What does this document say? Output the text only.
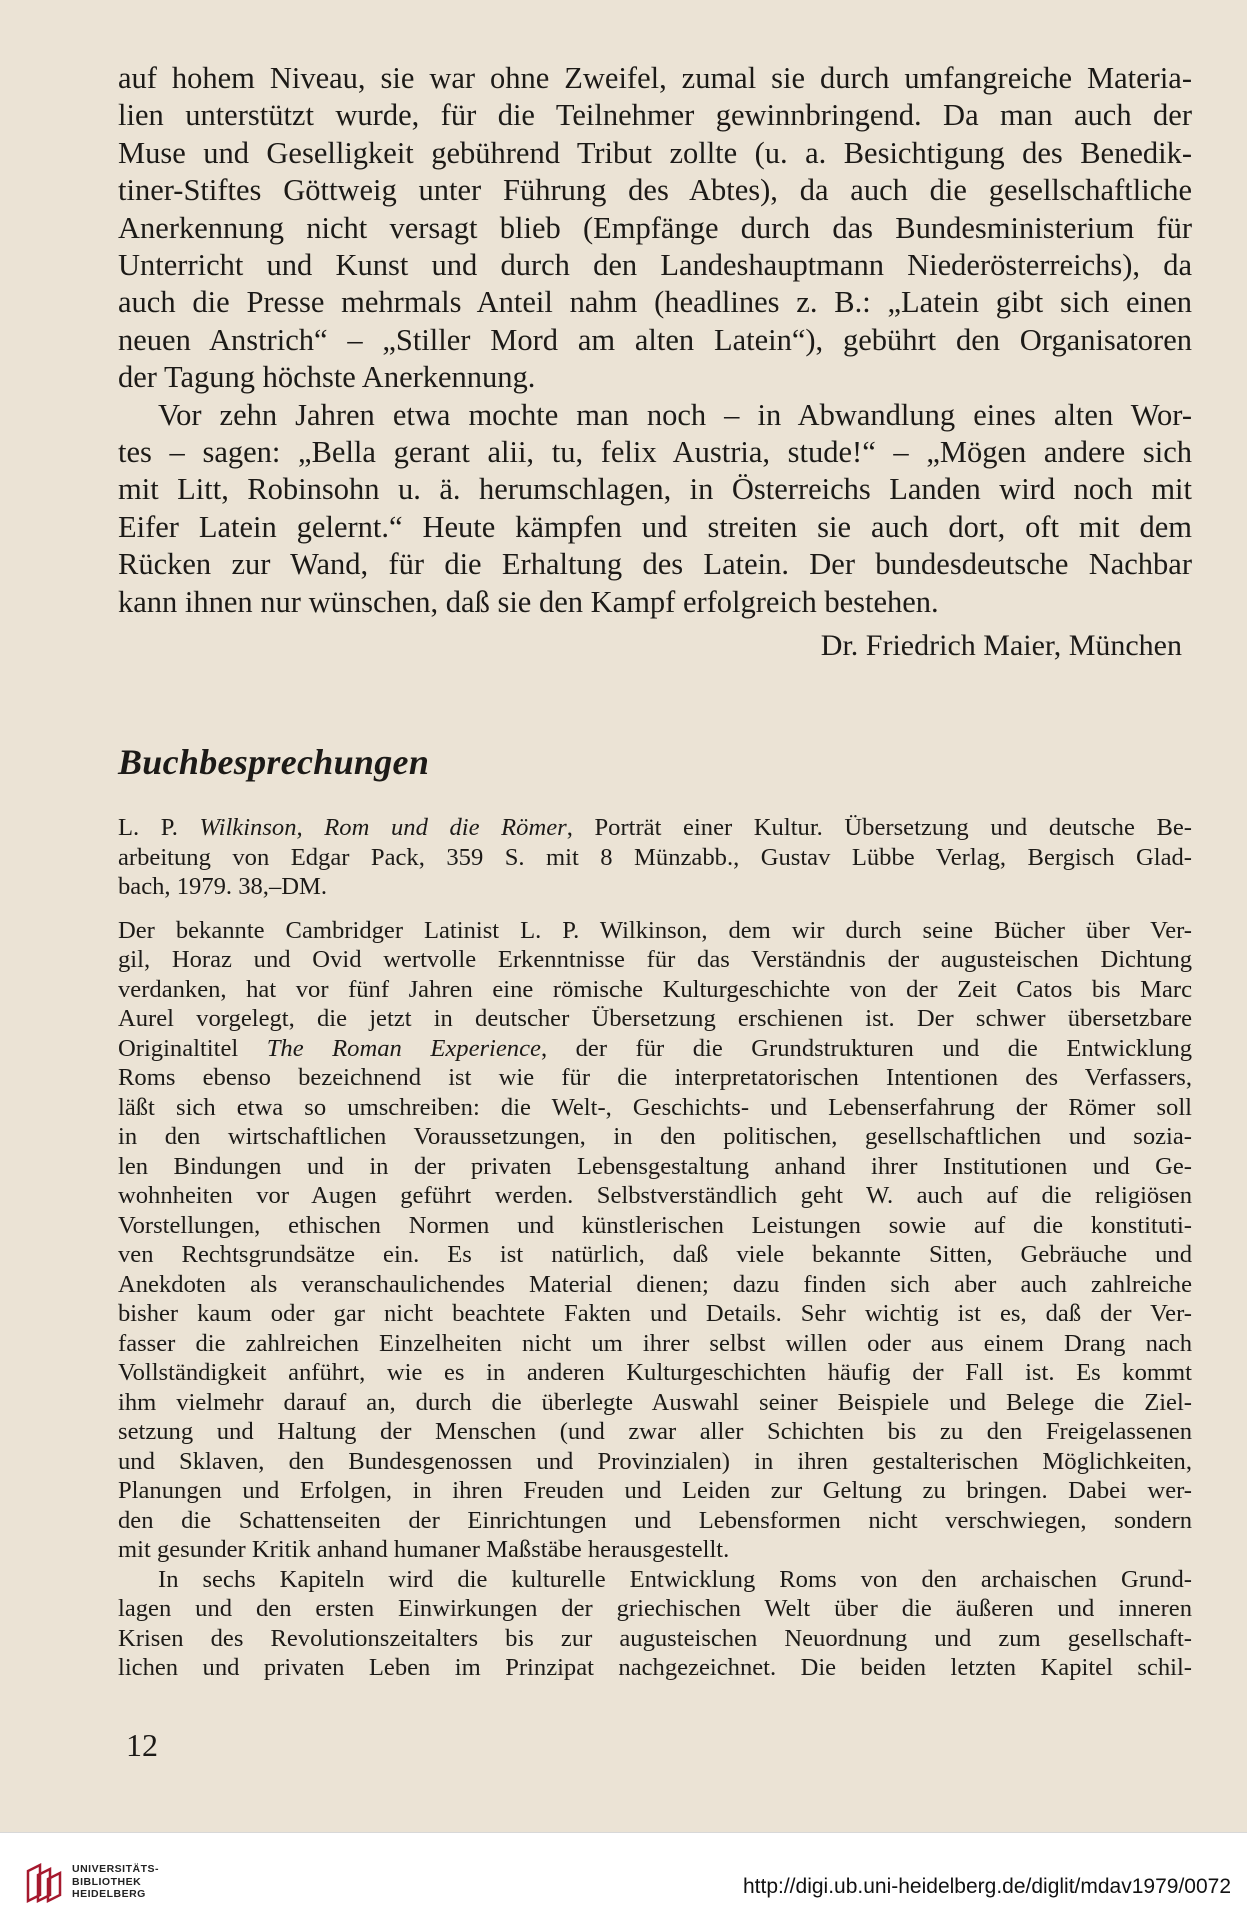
auf hohem Niveau, sie war ohne Zweifel, zumal sie durch umfangreiche Materia-
lien unterstützt wurde, für die Teilnehmer gewinnbringend. Da man auch der
Muse und Geselligkeit gebührend Tribut zollte (u. a. Besichtigung des Benedik-
tiner-Stiftes Göttweig unter Führung des Abtes), da auch die gesellschaftliche
Anerkennung nicht versagt blieb (Empfänge durch das Bundesministerium für
Unterricht und Kunst und durch den Landeshauptmann Niederösterreichs), da
auch die Presse mehrmals Anteil nahm (headlines z. B.: „Latein gibt sich einen
neuen Anstrich“ – „Stiller Mord am alten Latein“), gebührt den Organisatoren
der Tagung höchste Anerkennung.
Vor zehn Jahren etwa mochte man noch – in Abwandlung eines alten Wor-
tes – sagen: „Bella gerant alii, tu, felix Austria, stude!“ – „Mögen andere sich
mit Litt, Robinsohn u. ä. herumschlagen, in Österreichs Landen wird noch mit
Eifer Latein gelernt.“ Heute kämpfen und streiten sie auch dort, oft mit dem
Rücken zur Wand, für die Erhaltung des Latein. Der bundesdeutsche Nachbar
kann ihnen nur wünschen, daß sie den Kampf erfolgreich bestehen.
Dr. Friedrich Maier, München
Buchbesprechungen
L. P. Wilkinson, Rom und die Römer, Porträt einer Kultur. Übersetzung und deutsche Be-
arbeitung von Edgar Pack, 359 S. mit 8 Münzabb., Gustav Lübbe Verlag, Bergisch Glad-
bach, 1979. 38,–DM.
Der bekannte Cambridger Latinist L. P. Wilkinson, dem wir durch seine Bücher über Ver-
gil, Horaz und Ovid wertvolle Erkenntnisse für das Verständnis der augusteischen Dichtung
verdanken, hat vor fünf Jahren eine römische Kulturgeschichte von der Zeit Catos bis Marc
Aurel vorgelegt, die jetzt in deutscher Übersetzung erschienen ist. Der schwer übersetzbare
Originaltitel The Roman Experience, der für die Grundstrukturen und die Entwicklung
Roms ebenso bezeichnend ist wie für die interpretatorischen Intentionen des Verfassers,
läßt sich etwa so umschreiben: die Welt-, Geschichts- und Lebenserfahrung der Römer soll
in den wirtschaftlichen Voraussetzungen, in den politischen, gesellschaftlichen und sozia-
len Bindungen und in der privaten Lebensgestaltung anhand ihrer Institutionen und Ge-
wohnheiten vor Augen geführt werden. Selbstverständlich geht W. auch auf die religiösen
Vorstellungen, ethischen Normen und künstlerischen Leistungen sowie auf die konstituti-
ven Rechtsgrundsätze ein. Es ist natürlich, daß viele bekannte Sitten, Gebräuche und
Anekdoten als veranschaulichendes Material dienen; dazu finden sich aber auch zahlreiche
bisher kaum oder gar nicht beachtete Fakten und Details. Sehr wichtig ist es, daß der Ver-
fasser die zahlreichen Einzelheiten nicht um ihrer selbst willen oder aus einem Drang nach
Vollständigkeit anführt, wie es in anderen Kulturgeschichten häufig der Fall ist. Es kommt
ihm vielmehr darauf an, durch die überlegte Auswahl seiner Beispiele und Belege die Ziel-
setzung und Haltung der Menschen (und zwar aller Schichten bis zu den Freigelassenen
und Sklaven, den Bundesgenossen und Provinzialen) in ihren gestalterischen Möglichkeiten,
Planungen und Erfolgen, in ihren Freuden und Leiden zur Geltung zu bringen. Dabei wer-
den die Schattenseiten der Einrichtungen und Lebensformen nicht verschwiegen, sondern
mit gesunder Kritik anhand humaner Maßstäbe herausgestellt.
In sechs Kapiteln wird die kulturelle Entwicklung Roms von den archaischen Grund-
lagen und den ersten Einwirkungen der griechischen Welt über die äußeren und inneren
Krisen des Revolutionszeitalters bis zur augusteischen Neuordnung und zum gesellschaft-
lichen und privaten Leben im Prinzipat nachgezeichnet. Die beiden letzten Kapitel schil-
12
UNIVERSITÄTS-
BIBLIOTHEK
HEIDELBERG	http://digi.ub.uni-heidelberg.de/diglit/mdav1979/0072
